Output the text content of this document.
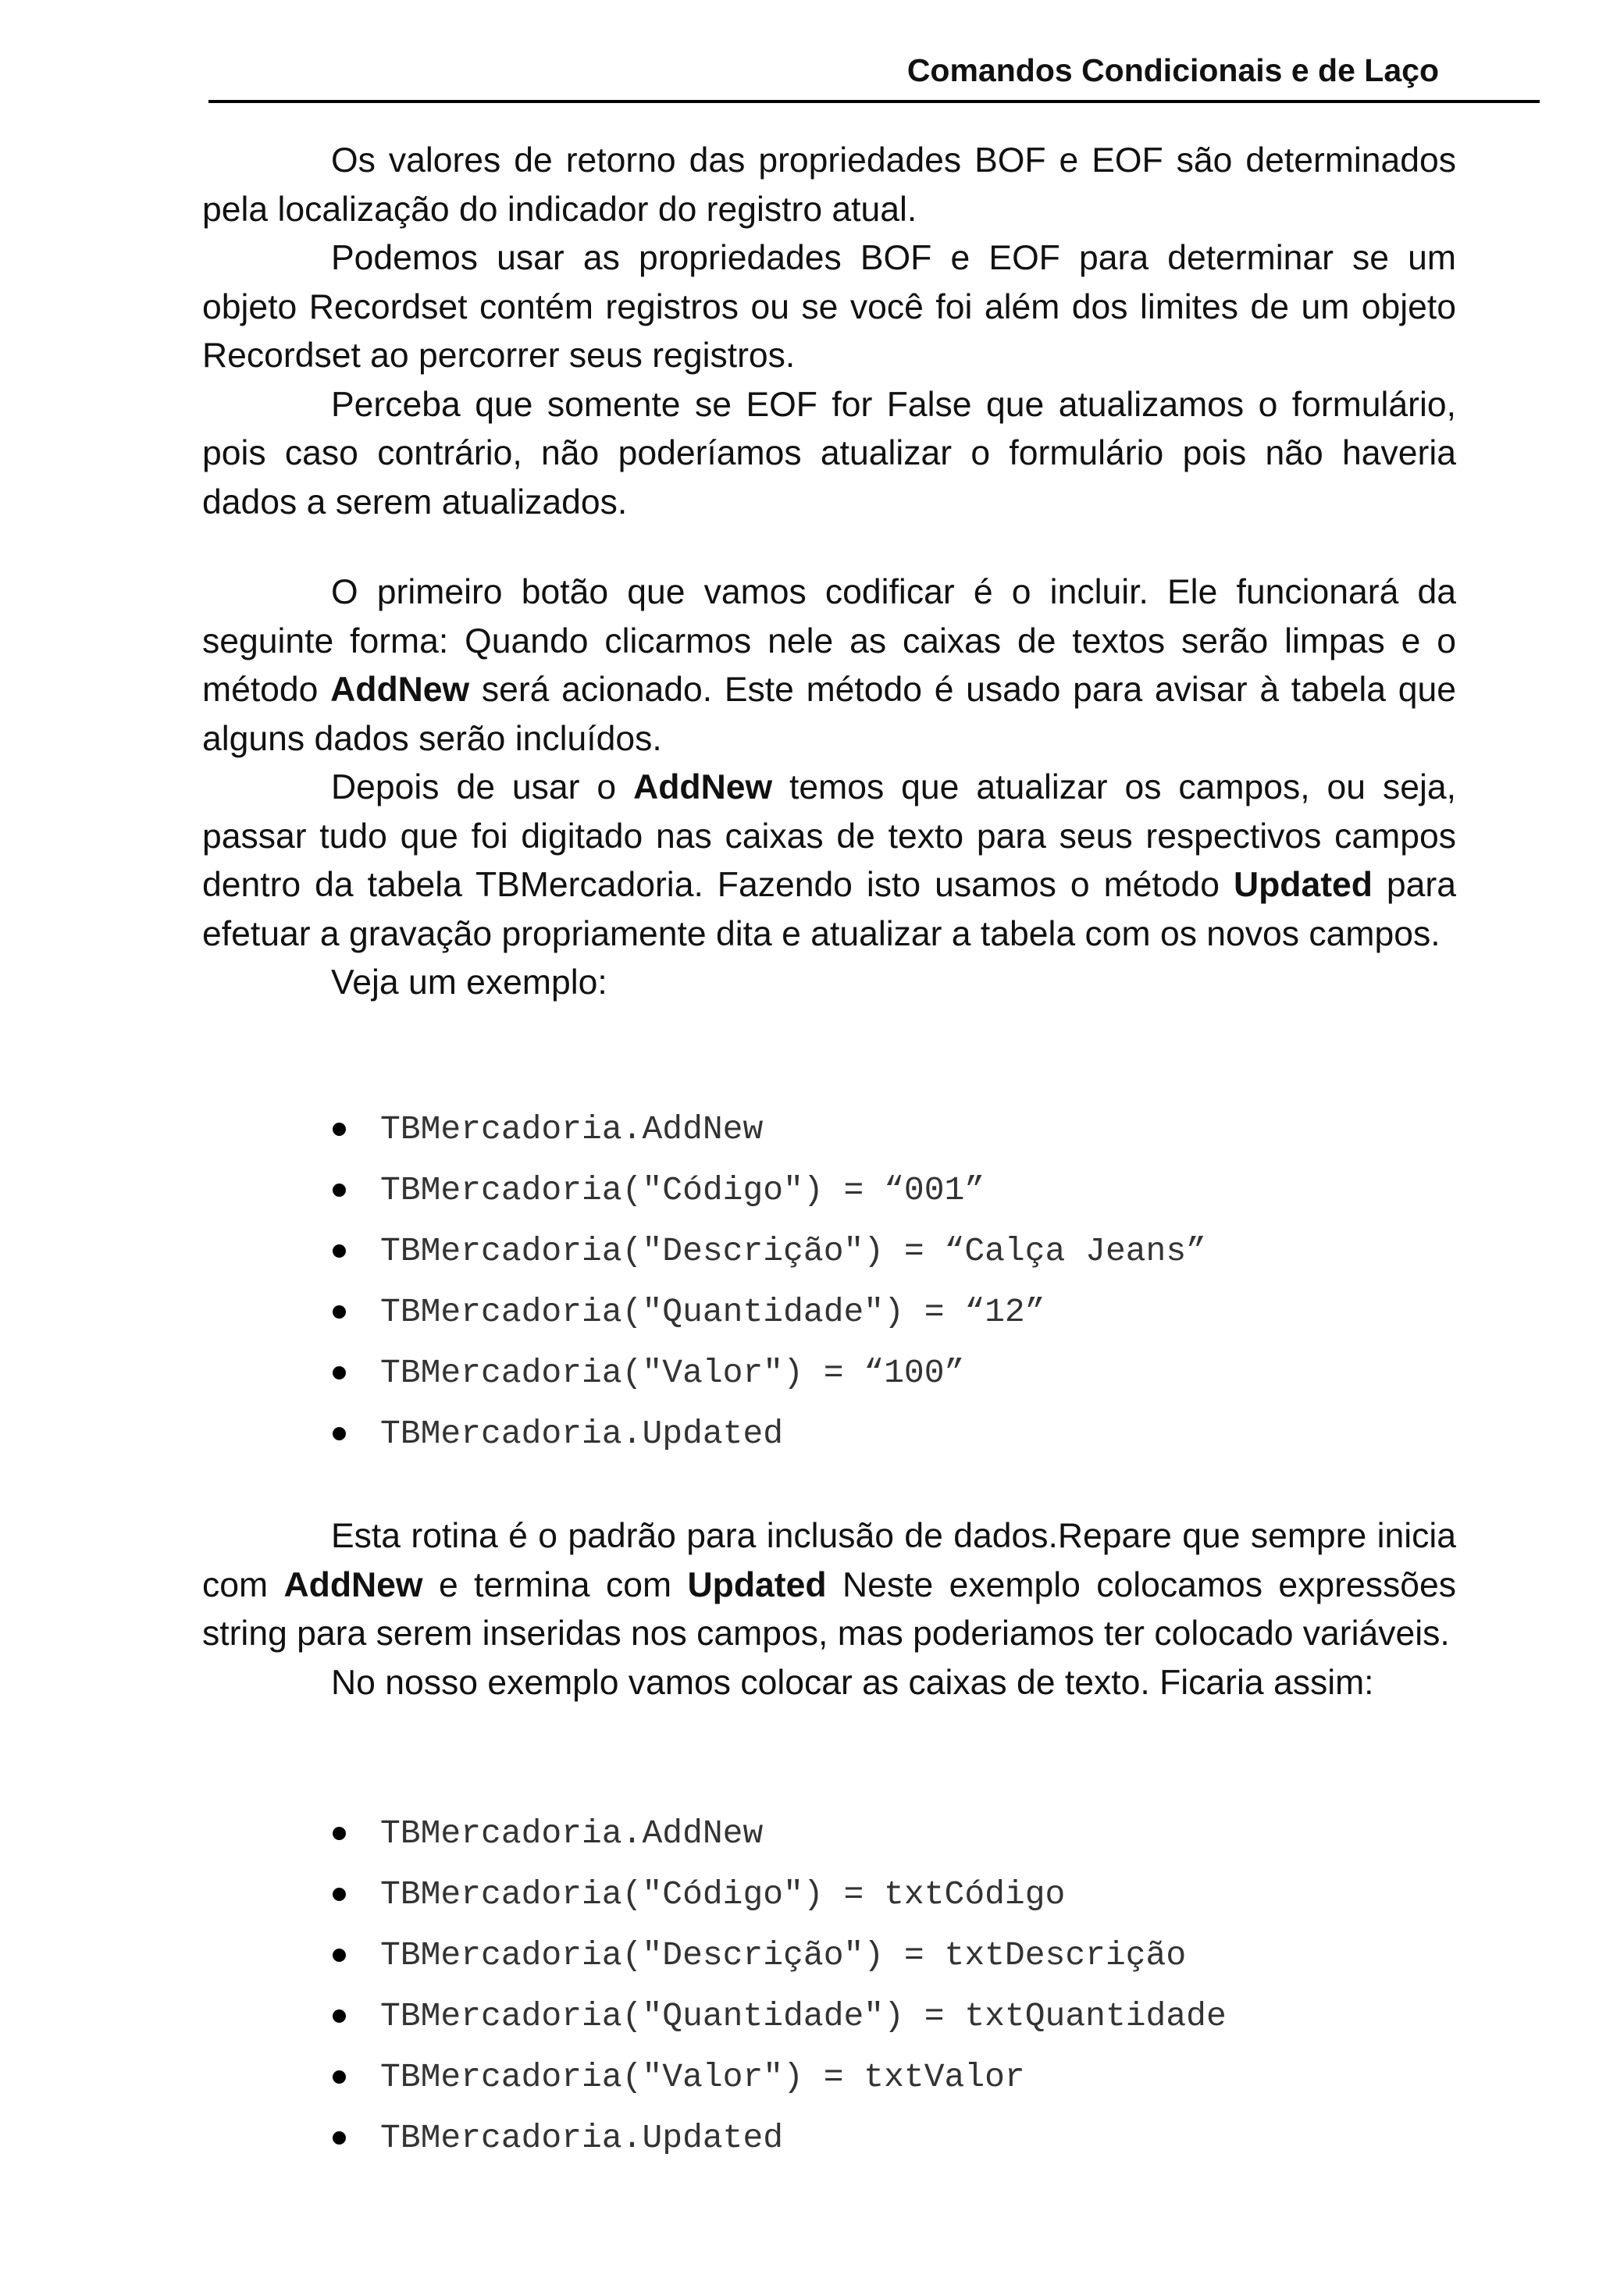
Comandos Condicionais e de Laço

Os valores de retorno das propriedades BOF e EOF são determinados pela localização do indicador do registro atual.

Podemos usar as propriedades BOF e EOF para determinar se um objeto Recordset contém registros ou se você foi além dos limites de um objeto Recordset ao percorrer seus registros.

Perceba que somente se EOF for False que atualizamos o formulário, pois caso contrário, não poderíamos atualizar o formulário pois não haveria dados a serem atualizados.

O primeiro botão que vamos codificar é o incluir. Ele funcionará da seguinte forma: Quando clicarmos nele as caixas de textos serão limpas e o método AddNew será acionado. Este método é usado para avisar à tabela que alguns dados serão incluídos.

Depois de usar o AddNew temos que atualizar os campos, ou seja, passar tudo que foi digitado nas caixas de texto para seus respectivos campos dentro da tabela TBMercadoria. Fazendo isto usamos o método Updated para efetuar a gravação propriamente dita e atualizar a tabela com os novos campos.

Veja um exemplo:

TBMercadoria.AddNew
TBMercadoria("Código") = “001”
TBMercadoria("Descrição") = “Calça Jeans”
TBMercadoria("Quantidade") = “12”
TBMercadoria("Valor") = “100”
TBMercadoria.Updated

Esta rotina é o padrão para inclusão de dados.Repare que sempre inicia com AddNew e termina com Updated Neste exemplo colocamos expressões string para serem inseridas nos campos, mas poderiamos ter colocado variáveis.

No nosso exemplo vamos colocar as caixas de texto. Ficaria assim:

TBMercadoria.AddNew
TBMercadoria("Código") = txtCódigo
TBMercadoria("Descrição") = txtDescrição
TBMercadoria("Quantidade") = txtQuantidade
TBMercadoria("Valor") = txtValor
TBMercadoria.Updated
